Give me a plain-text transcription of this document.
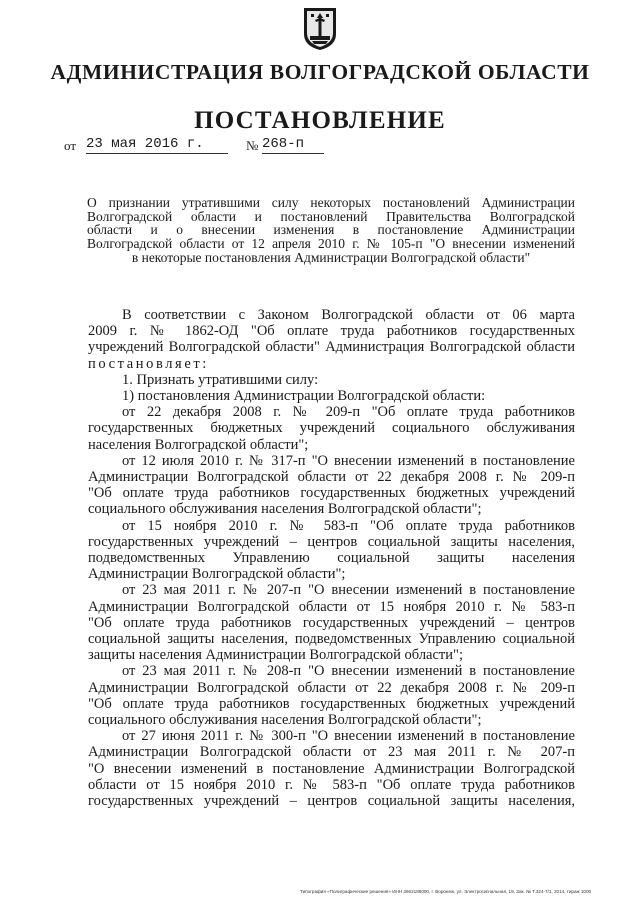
АДМИНИСТРАЦИЯ ВОЛГОГРАДСКОЙ ОБЛАСТИ
ПОСТАНОВЛЕНИЕ
от 23 мая 2016 г.	№ 268-п
О признании утратившими силу некоторых постановлений Администрации
Волгоградской области и постановлений Правительства Волгоградской
области и о внесении изменения в постановление Администрации
Волгоградской области от 12 апреля 2010 г. № 105-п "О внесении изменений
в некоторые постановления Администрации Волгоградской области"
В соответствии с Законом Волгоградской области от 06 марта
2009 г. № 1862-ОД "Об оплате труда работников государственных
учреждений Волгоградской области" Администрация Волгоградской области
постановляет:
1. Признать утратившими силу:
1) постановления Администрации Волгоградской области:
от 22 декабря 2008 г. № 209-п "Об оплате труда работников
государственных бюджетных учреждений социального обслуживания
населения Волгоградской области";
от 12 июля 2010 г. № 317-п "О внесении изменений в постановление
Администрации Волгоградской области от 22 декабря 2008 г. № 209-п
"Об оплате труда работников государственных бюджетных учреждений
социального обслуживания населения Волгоградской области";
от 15 ноября 2010 г. № 583-п "Об оплате труда работников
государственных учреждений – центров социальной защиты населения,
подведомственных Управлению социальной защиты населения
Администрации Волгоградской области";
от 23 мая 2011 г. № 207-п "О внесении изменений в постановление
Администрации Волгоградской области от 15 ноября 2010 г. № 583-п
"Об оплате труда работников государственных учреждений – центров
социальной защиты населения, подведомственных Управлению социальной
защиты населения Администрации Волгоградской области";
от 23 мая 2011 г. № 208-п "О внесении изменений в постановление
Администрации Волгоградской области от 22 декабря 2008 г. № 209-п
"Об оплате труда работников государственных бюджетных учреждений
социального обслуживания населения Волгоградской области";
от 27 июня 2011 г. № 300-п "О внесении изменений в постановление
Администрации Волгоградской области от 23 мая 2011 г. № 207-п
"О внесении изменений в постановление Администрации Волгоградской
области от 15 ноября 2010 г. № 583-п "Об оплате труда работников
государственных учреждений – центров социальной защиты населения,
Типография «Полиграфические решения» ИНН 3662186000, г. Воронеж, ул. Электросигнальная, 19, Зак. № Т.324-7/1, 2014, тираж 1000
